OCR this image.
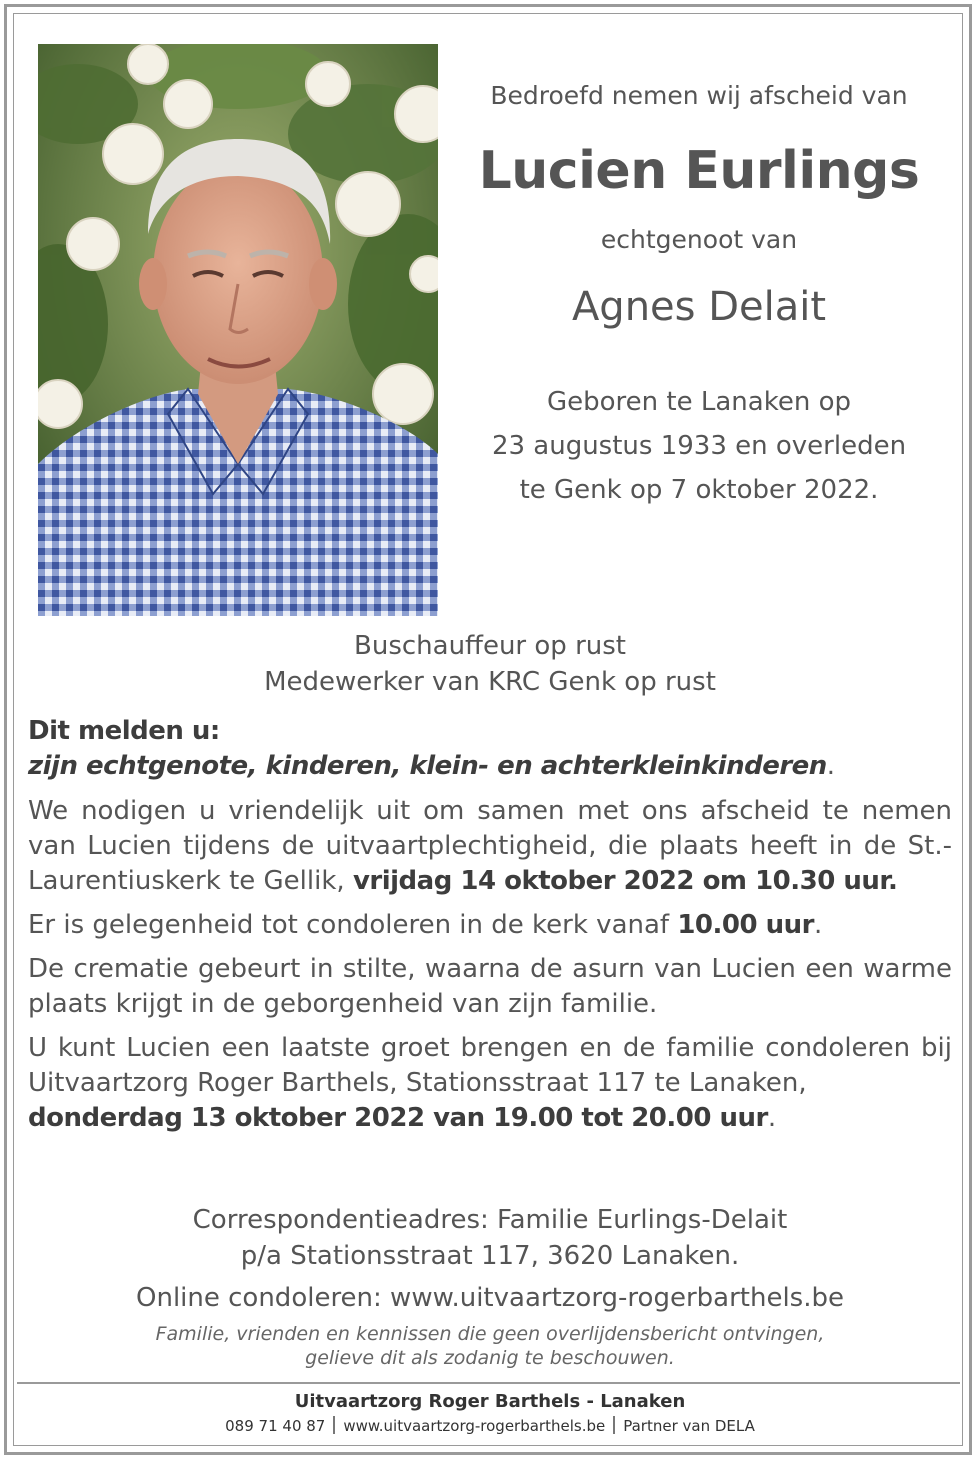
Bedroefd nemen wij afscheid van

Lucien Eurlings

echtgenoot van

Agnes Delait

Geboren te Lanaken op
23 augustus 1933 en overleden
te Genk op 7 oktober 2022.

Buschauffeur op rust
Medewerker van KRC Genk op rust

Dit melden u:

zijn echtgenote, kinderen, klein- en achterkleinkinderen.

We nodigen u vriendelijk uit om samen met ons afscheid te nemen van Lucien tijdens de uitvaartplechtigheid, die plaats heeft in de St.-Laurentiuskerk te Gellik, vrijdag 14 oktober 2022 om 10.30 uur.

Er is gelegenheid tot condoleren in de kerk vanaf 10.00 uur.

De crematie gebeurt in stilte, waarna de asurn van Lucien een warme plaats krijgt in de geborgenheid van zijn familie.

U kunt Lucien een laatste groet brengen en de familie condoleren bij Uitvaartzorg Roger Barthels, Stationsstraat 117 te Lanaken,
donderdag 13 oktober 2022 van 19.00 tot 20.00 uur.

Correspondentieadres: Familie Eurlings-Delait
p/a Stationsstraat 117, 3620 Lanaken.
Online condoleren: www.uitvaartzorg-rogerbarthels.be
Familie, vrienden en kennissen die geen overlijdensbericht ontvingen,
gelieve dit als zodanig te beschouwen.
Uitvaartzorg Roger Barthels - Lanaken
089 71 40 87 www.uitvaartzorg-rogerbarthels.be Partner van DELA
